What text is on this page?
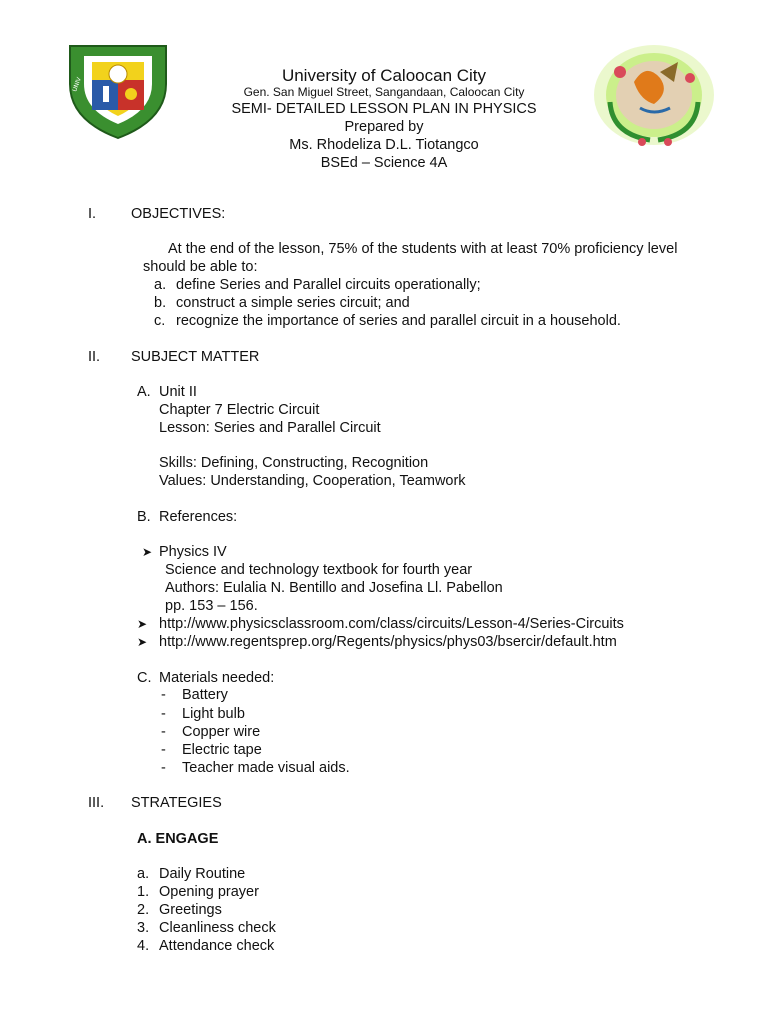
UNIV	University of Caloocan City
Gen. San Miguel Street, Sangandaan, Caloocan City
SEMI- DETAILED LESSON PLAN IN PHYSICS
Prepared by
Ms. Rhodeliza D.L. Tiotangco
BSEd – Science 4A
I. OBJECTIVES:
At the end of the lesson, 75% of the students with at least 70% proficiency level
should be able to:
a. define Series and Parallel circuits operationally;
b. construct a simple series circuit; and
c. recognize the importance of series and parallel circuit in a household.
II. SUBJECT MATTER
A. Unit II
Chapter 7 Electric Circuit
Lesson: Series and Parallel Circuit
Skills: Defining, Constructing, Recognition
Values: Understanding, Cooperation, Teamwork
B. References:
➤ Physics IV
Science and technology textbook for fourth year
Authors: Eulalia N. Bentillo and Josefina Ll. Pabellon
pp. 153 – 156.
➤ http://www.physicsclassroom.com/class/circuits/Lesson-4/Series-Circuits
➤ http://www.regentsprep.org/Regents/physics/phys03/bsercir/default.htm
C. Materials needed:
- Battery
- Light bulb
- Copper wire
- Electric tape
- Teacher made visual aids.
III. STRATEGIES
A. ENGAGE
a. Daily Routine
1. Opening prayer
2. Greetings
3. Cleanliness check
4. Attendance check
